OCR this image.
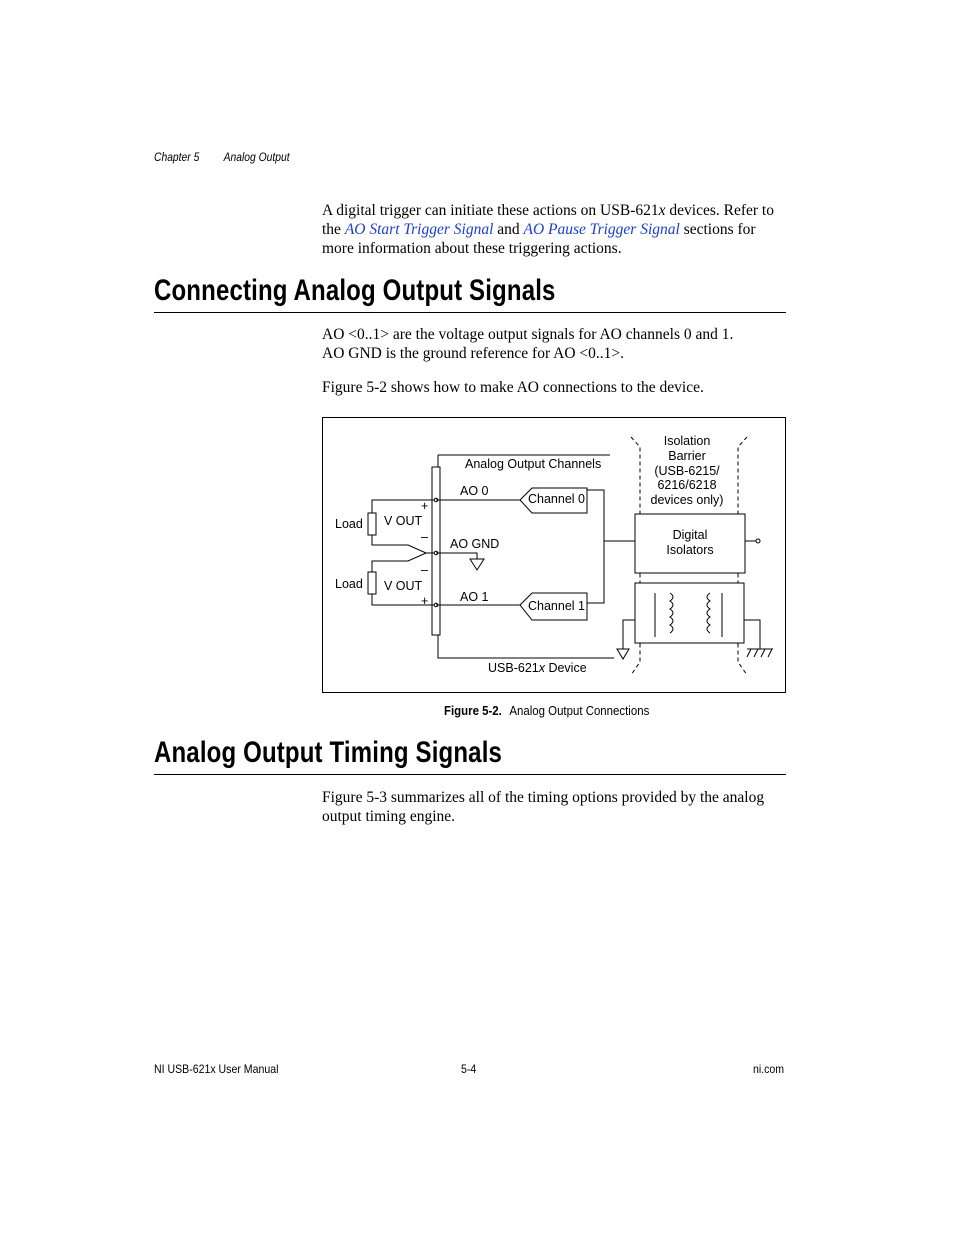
Chapter 5 Analog Output
A digital trigger can initiate these actions on USB-621x devices. Refer to the AO Start Trigger Signal and AO Pause Trigger Signal sections for more information about these triggering actions.
Connecting Analog Output Signals
AO <0..1> are the voltage output signals for AO channels 0 and 1.
AO GND is the ground reference for AO <0..1>.
Figure 5-2 shows how to make AO connections to the device.
Isolation
Barrier
(USB-6215/
6216/6218
devices only)
Analog Output Channels
AO 0
AO GND
AO 1
Channel 0
Channel 1
Load
Load
V OUT
V OUT
+
–
–
+
Digital
Isolators
USB-621x Device
Figure 5-2. Analog Output Connections
Analog Output Timing Signals
Figure 5-3 summarizes all of the timing options provided by the analog output timing engine.
NI USB-621x User Manual	5-4	ni.com
